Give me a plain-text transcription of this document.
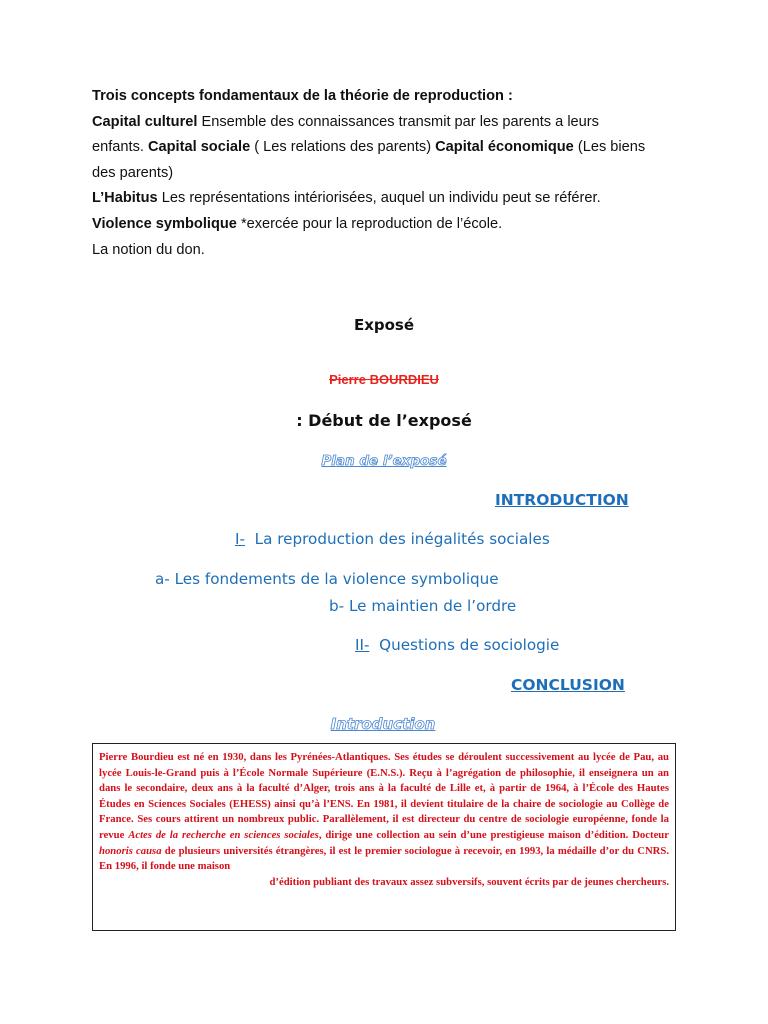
Trois concepts fondamentaux de la théorie de reproduction :

Capital culturel Ensemble des connaissances transmit par les parents a leurs enfants. Capital sociale ( Les relations des parents) Capital économique (Les biens des parents)

L’Habitus Les représentations intériorisées, auquel un individu peut se référer.

Violence symbolique *exercée pour la reproduction de l’école.

La notion du don.

Exposé
Pierre BOURDIEU
: Début de l’exposé
Plan de l’exposé
INTRODUCTION
I- La reproduction des inégalités sociales
a- Les fondements de la violence symbolique
b- Le maintien de l’ordre
II- Questions de sociologie
CONCLUSION
Introduction

Pierre Bourdieu est né en 1930, dans les Pyrénées-Atlantiques. Ses études se déroulent successivement au lycée de Pau, au lycée Louis-le-Grand puis à l’École Normale Supérieure (E.N.S.). Reçu à l’agrégation de philosophie, il enseignera un an dans le secondaire, deux ans à la faculté d’Alger, trois ans à la faculté de Lille et, à partir de 1964, à l’École des Hautes Études en Sciences Sociales (EHESS) ainsi qu’à l’ENS. En 1981, il devient titulaire de la chaire de sociologie au Collège de France. Ses cours attirent un nombreux public. Parallèlement, il est directeur du centre de sociologie européenne, fonde la revue Actes de la recherche en sciences sociales, dirige une collection au sein d’une prestigieuse maison d’édition. Docteur honoris causa de plusieurs universités étrangères, il est le premier sociologue à recevoir, en 1993, la médaille d’or du CNRS. En 1996, il fonde une maison

d’édition publiant des travaux assez subversifs, souvent écrits par de jeunes chercheurs.
